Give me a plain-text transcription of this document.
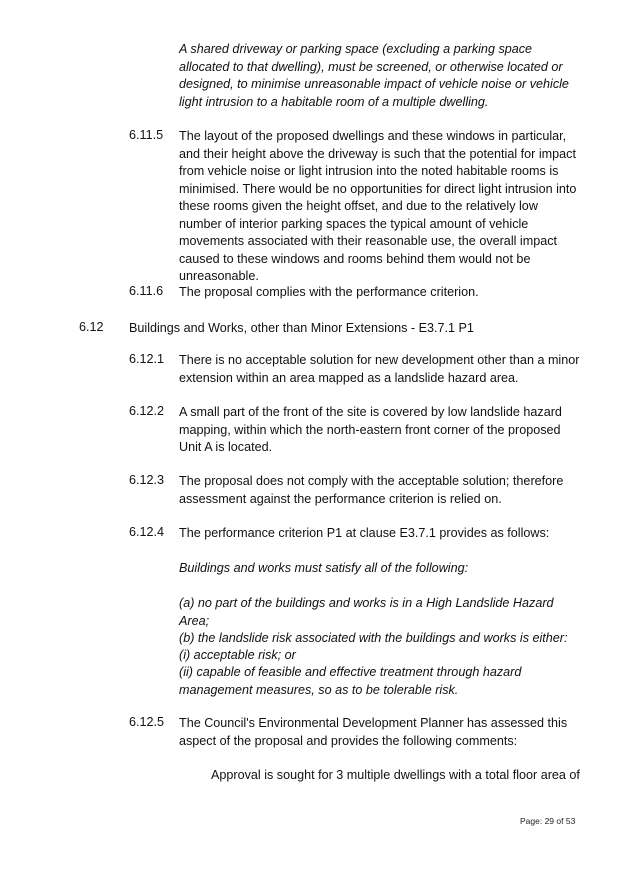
A shared driveway or parking space (excluding a parking space allocated to that dwelling), must be screened, or otherwise located or designed, to minimise unreasonable impact of vehicle noise or vehicle light intrusion to a habitable room of a multiple dwelling.
6.11.5 The layout of the proposed dwellings and these windows in particular, and their height above the driveway is such that the potential for impact from vehicle noise or light intrusion into the noted habitable rooms is minimised. There would be no opportunities for direct light intrusion into these rooms given the height offset, and due to the relatively low number of interior parking spaces the typical amount of vehicle movements associated with their reasonable use, the overall impact caused to these windows and rooms behind them would not be unreasonable.
6.11.6 The proposal complies with the performance criterion.
6.12 Buildings and Works, other than Minor Extensions - E3.7.1 P1
6.12.1 There is no acceptable solution for new development other than a minor extension within an area mapped as a landslide hazard area.
6.12.2 A small part of the front of the site is covered by low landslide hazard mapping, within which the north-eastern front corner of the proposed Unit A is located.
6.12.3 The proposal does not comply with the acceptable solution; therefore assessment against the performance criterion is relied on.
6.12.4 The performance criterion P1 at clause E3.7.1 provides as follows:
Buildings and works must satisfy all of the following:
(a) no part of the buildings and works is in a High Landslide Hazard Area;
(b) the landslide risk associated with the buildings and works is either:
(i) acceptable risk; or
(ii) capable of feasible and effective treatment through hazard management measures, so as to be tolerable risk.
6.12.5 The Council's Environmental Development Planner has assessed this aspect of the proposal and provides the following comments:
Approval is sought for 3 multiple dwellings with a total floor area of
Page: 29 of 53
